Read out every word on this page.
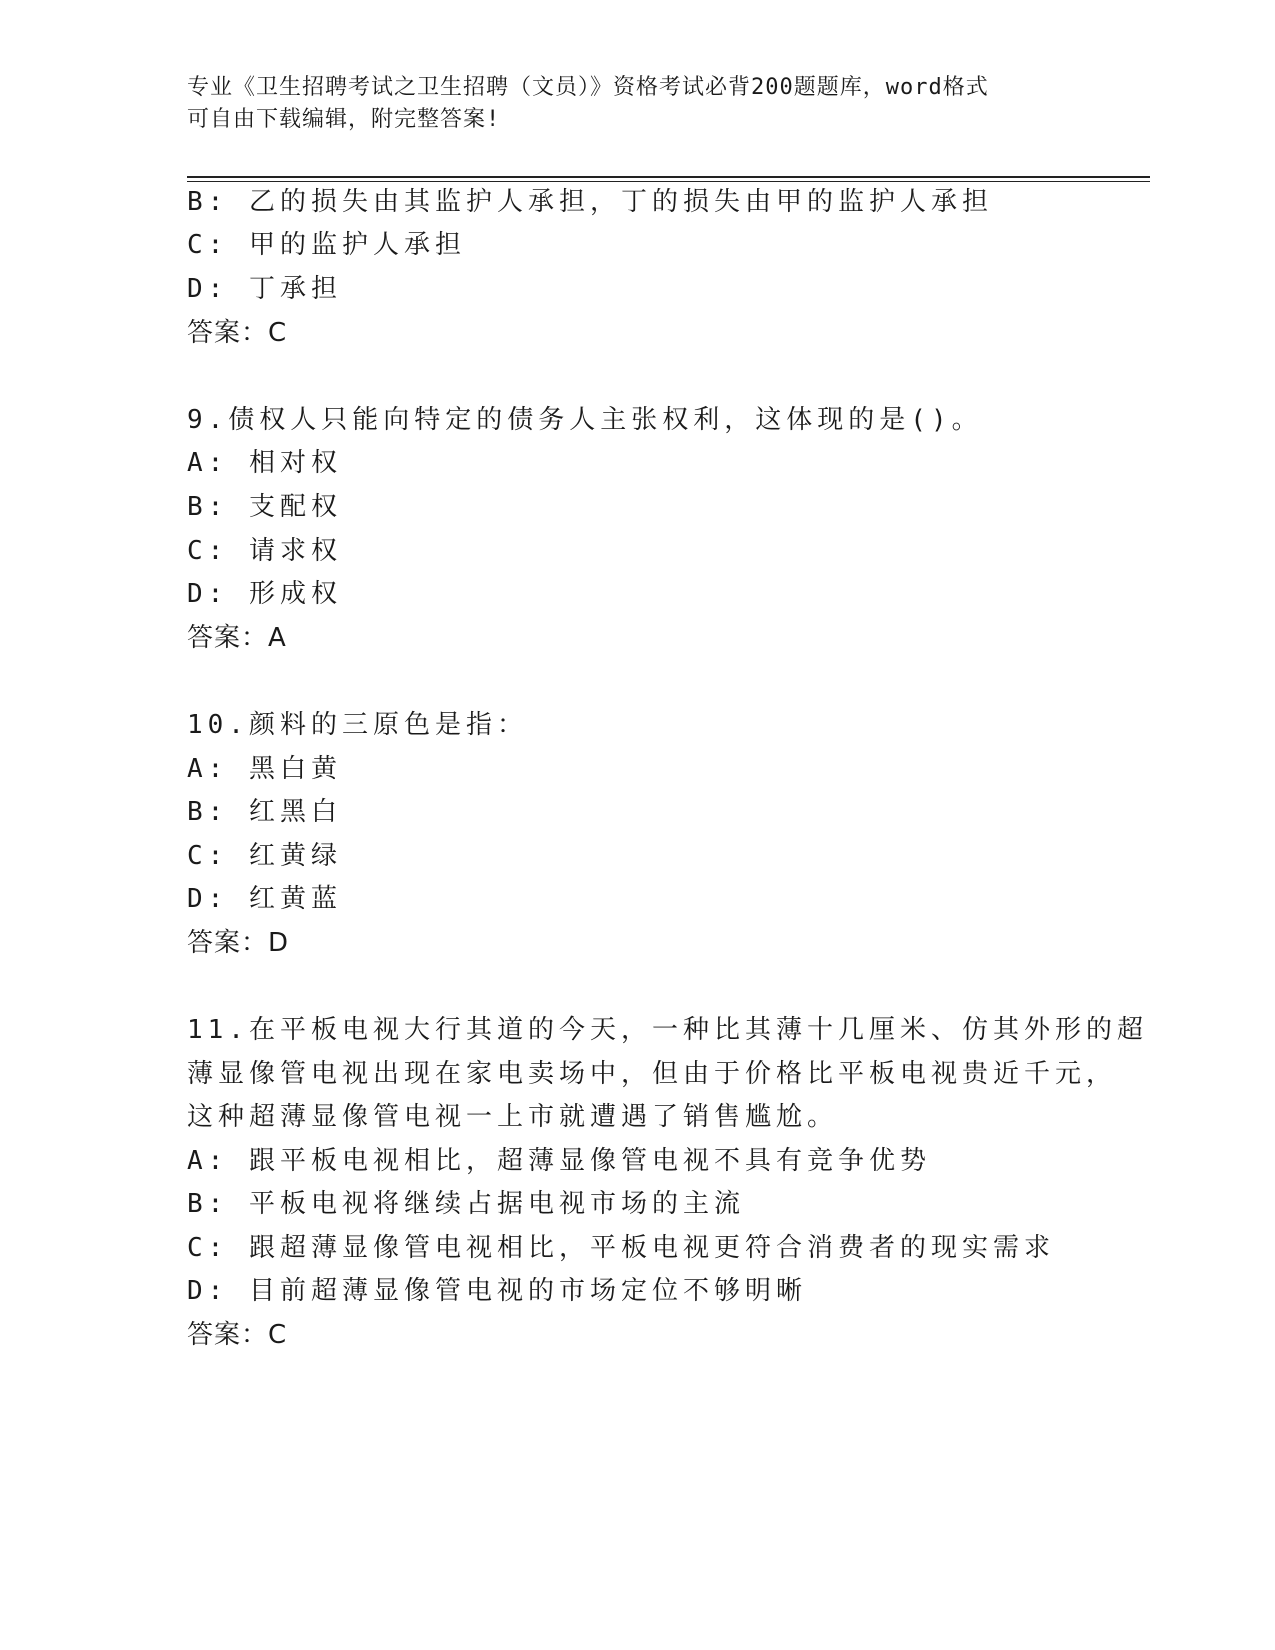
专业《卫生招聘考试之卫生招聘（文员）》资格考试必背200题题库，word格式
可自由下载编辑，附完整答案!
B: 乙的损失由其监护人承担，丁的损失由甲的监护人承担
C: 甲的监护人承担
D: 丁承担
答案：C
9.债权人只能向特定的债务人主张权利，这体现的是()。
A: 相对权
B: 支配权
C: 请求权
D: 形成权
答案：A
10.颜料的三原色是指：
A: 黑白黄
B: 红黑白
C: 红黄绿
D: 红黄蓝
答案：D
11.在平板电视大行其道的今天，一种比其薄十几厘米、仿其外形的超
薄显像管电视出现在家电卖场中，但由于价格比平板电视贵近千元，
这种超薄显像管电视一上市就遭遇了销售尴尬。
A: 跟平板电视相比，超薄显像管电视不具有竞争优势
B: 平板电视将继续占据电视市场的主流
C: 跟超薄显像管电视相比，平板电视更符合消费者的现实需求
D: 目前超薄显像管电视的市场定位不够明晰
答案：C
